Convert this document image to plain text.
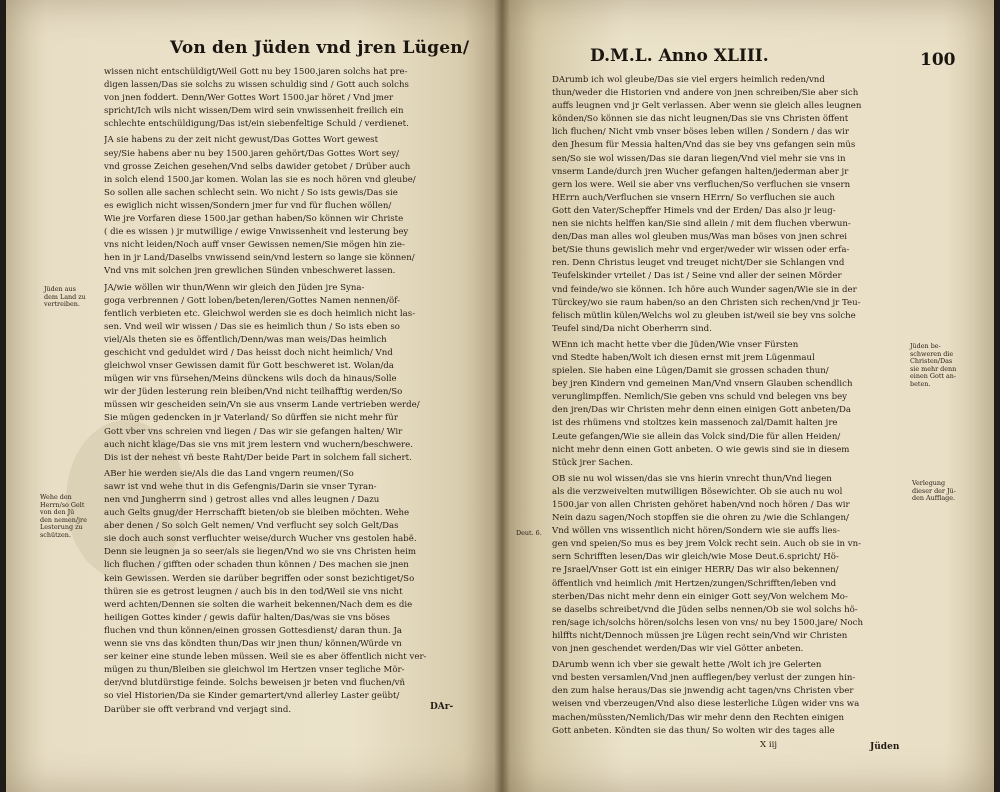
Von den Jüden vnd jren Lügen/	D.M.L. Anno XLIII.	100
wissen nicht entschüldigt/Weil Gott nu bey 1500.jaren solchs hat pre-
digen lassen/Das sie solchs zu wissen schuldig sind / Gott auch solchs
von jnen foddert. Denn/Wer Gottes Wort 1500.jar höret / Vnd jmer
spricht/Ich wils nicht wissen/Dem wird sein vnwissenheit freilich ein
schlechte entschüldigung/Das ist/ein siebenfeltige Schuld / verdienet.
JA sie habens zu der zeit nicht gewust/Das Gottes Wort gewest
sey/Sie habens aber nu bey 1500.jaren gehört/Das Gottes Wort sey/
vnd grosse Zeichen gesehen/Vnd selbs dawider getobet / Drüber auch
in solch elend 1500.jar komen. Wolan las sie es noch hören vnd gleube/
So sollen alle sachen schlecht sein. Wo nicht / So ists gewis/Das sie
es ewiglich nicht wissen/Sondern jmer fur vnd für fluchen wöllen/
Wie jre Vorfaren diese 1500.jar gethan haben/So können wir Christe
( die es wissen ) jr mutwillige / ewige Vnwissenheit vnd lesterung bey
vns nicht leiden/Noch auff vnser Gewissen nemen/Sie mögen hin zie-
hen in jr Land/Daselbs vnwissend sein/vnd lestern so lange sie können/
Vnd vns mit solchen jren grewlichen Sünden vnbeschweret lassen.
JA/wie wöllen wir thun/Wenn wir gleich den Jüden jre Syna-
goga verbrennen / Gott loben/beten/leren/Gottes Namen nennen/öf-
fentlich verbieten etc. Gleichwol werden sie es doch heimlich nicht las-
sen. Vnd weil wir wissen / Das sie es heimlich thun / So ists eben so
viel/Als theten sie es öffentlich/Denn/was man weis/Das heimlich
geschicht vnd geduldet wird / Das heisst doch nicht heimlich/ Vnd
gleichwol vnser Gewissen damit für Gott beschweret ist. Wolan/da
mügen wir vns fürsehen/Meins dünckens wils doch da hinaus/Solle
wir der Jüden lesterung rein bleiben/Vnd nicht teilhafftig werden/So
müssen wir gescheiden sein/Vn sie aus vnserm Lande vertrieben werde/
Sie mügen gedencken in jr Vaterland/ So dürffen sie nicht mehr für
Gott vber vns schreien vnd liegen / Das wir sie gefangen halten/ Wir
auch nicht klage/Das sie vns mit jrem lestern vnd wuchern/beschwere.
Dis ist der nehest vñ beste Raht/Der beide Part in solchem fall sichert.
ABer hie werden sie/Als die das Land vngern reumen/(So
sawr ist vnd wehe thut in dis Gefengnis/Darin sie vnser Tyran-
nen vnd Jungherrn sind ) getrost alles vnd alles leugnen / Dazu
auch Gelts gnug/der Herrschafft bieten/ob sie bleiben möchten. Wehe
aber denen / So solch Gelt nemen/ Vnd verflucht sey solch Gelt/Das
sie doch auch sonst verfluchter weise/durch Wucher vns gestolen habẽ.
Denn sie leugnen ja so seer/als sie liegen/Vnd wo sie vns Christen heim
lich fluchen / gifften oder schaden thun können / Des machen sie jnen
kein Gewissen. Werden sie darüber begriffen oder sonst bezichtiget/So
thüren sie es getrost leugnen / auch bis in den tod/Weil sie vns nicht
werd achten/Dennen sie solten die warheit bekennen/Nach dem es die
heiligen Gottes kinder / gewis dafür halten/Das/was sie vns böses
fluchen vnd thun können/einen grossen Gottesdienst/ daran thun. Ja
wenn sie vns das köndten thun/Das wir jnen thun/ können/Würde vn
ser keiner eine stunde leben müssen. Weil sie es aber öffentlich nicht ver-
mügen zu thun/Bleiben sie gleichwol im Hertzen vnser tegliche Mör-
der/vnd blutdürstige feinde. Solchs beweisen jr beten vnd fluchen/vñ
so viel Historien/Da sie Kinder gemartert/vnd allerley Laster geübt/
Darüber sie offt verbrand vnd verjagt sind.
DArumb ich wol gleube/Das sie viel ergers heimlich reden/vnd
thun/weder die Historien vnd andere von jnen schreiben/Sie aber sich
auffs leugnen vnd jr Gelt verlassen. Aber wenn sie gleich alles leugnen
könden/So können sie das nicht leugnen/Das sie vns Christen öffent
lich fluchen/ Nicht vmb vnser böses leben willen / Sondern / das wir
den Jhesum für Messia halten/Vnd das sie bey vns gefangen sein müs
sen/So sie wol wissen/Das sie daran liegen/Vnd viel mehr sie vns in
vnserm Lande/durch jren Wucher gefangen halten/jederman aber jr
gern los were. Weil sie aber vns verfluchen/So verfluchen sie vnsern
HErrn auch/Verfluchen sie vnsern HErrn/ So verfluchen sie auch
Gott den Vater/Schepffer Himels vnd der Erden/ Das also jr leug-
nen sie nichts helffen kan/Sie sind allein / mit dem fluchen vberwun-
den/Das man alles wol gleuben mus/Was man böses von jnen schrei
bet/Sie thuns gewislich mehr vnd erger/weder wir wissen oder erfa-
ren. Denn Christus leuget vnd treuget nicht/Der sie Schlangen vnd
Teufelskinder vrteilet / Das ist / Seine vnd aller der seinen Mörder
vnd feinde/wo sie können. Ich höre auch Wunder sagen/Wie sie in der
Türckey/wo sie raum haben/so an den Christen sich rechen/vnd jr Teu-
felisch mütlin külen/Welchs wol zu gleuben ist/weil sie bey vns solche
Teufel sind/Da nicht Oberherrn sind.
WEnn ich macht hette vber die Jüden/Wie vnser Fürsten
vnd Stedte haben/Wolt ich diesen ernst mit jrem Lügenmaul
spielen. Sie haben eine Lügen/Damit sie grossen schaden thun/
bey jren Kindern vnd gemeinen Man/Vnd vnsern Glauben schendlich
verunglimpffen. Nemlich/Sie geben vns schuld vnd belegen vns bey
den jren/Das wir Christen mehr denn einen einigen Gott anbeten/Da
ist des rhümens vnd stoltzes kein massenoch zal/Damit halten jre
Leute gefangen/Wie sie allein das Volck sind/Die für allen Heiden/
nicht mehr denn einen Gott anbeten. O wie gewis sind sie in diesem
Stück jrer Sachen.
OB sie nu wol wissen/das sie vns hierin vnrecht thun/Vnd liegen
als die verzweivelten mutwilligen Bösewichter. Ob sie auch nu wol
1500.jar von allen Christen gehöret haben/vnd noch hören / Das wir
Nein dazu sagen/Noch stopffen sie die ohren zu /wie die Schlangen/
Vnd wöllen vns wissentlich nicht hören/Sondern wie sie auffs lies-
gen vnd speien/So mus es bey jrem Volck recht sein. Auch ob sie in vn-
sern Schrifften lesen/Das wir gleich/wie Mose Deut.6.spricht/ Hö-
re Jsrael/Vnser Gott ist ein einiger HERR/ Das wir also bekennen/
öffentlich vnd heimlich /mit Hertzen/zungen/Schrifften/leben vnd
sterben/Das nicht mehr denn ein einiger Gott sey/Von welchem Mo-
se daselbs schreibet/vnd die Jüden selbs nennen/Ob sie wol solchs hö-
ren/sage ich/solchs hören/solchs lesen von vns/ nu bey 1500.jare/ Noch
hilffts nicht/Dennoch müssen jre Lügen recht sein/Vnd wir Christen
von jnen geschendet werden/Das wir viel Götter anbeten.
DArumb wenn ich vber sie gewalt hette /Wolt ich jre Gelerten
vnd besten versamlen/Vnd jnen aufflegen/bey verlust der zungen hin-
den zum halse heraus/Das sie jnwendig acht tagen/vns Christen vber
weisen vnd vberzeugen/Vnd also diese lesterliche Lügen wider vns wa
machen/müssten/Nemlich/Das wir mehr denn den Rechten einigen
Gott anbeten. Köndten sie das thun/ So wolten wir des tages alle
Jüden aus
dem Land zu
vertreiben.
Wehe den
Herrn/so Gelt
von den Jü
den nemen/jre
Lesterung zu
schützen.
Jüden be-
schweren die
Christen/Das
sie mehr denn
einen Gott an-
beten.
Verlegung
dieser der Jü-
den Aufflage.
Deut. 6.
DAr-
X iij	Jüden
